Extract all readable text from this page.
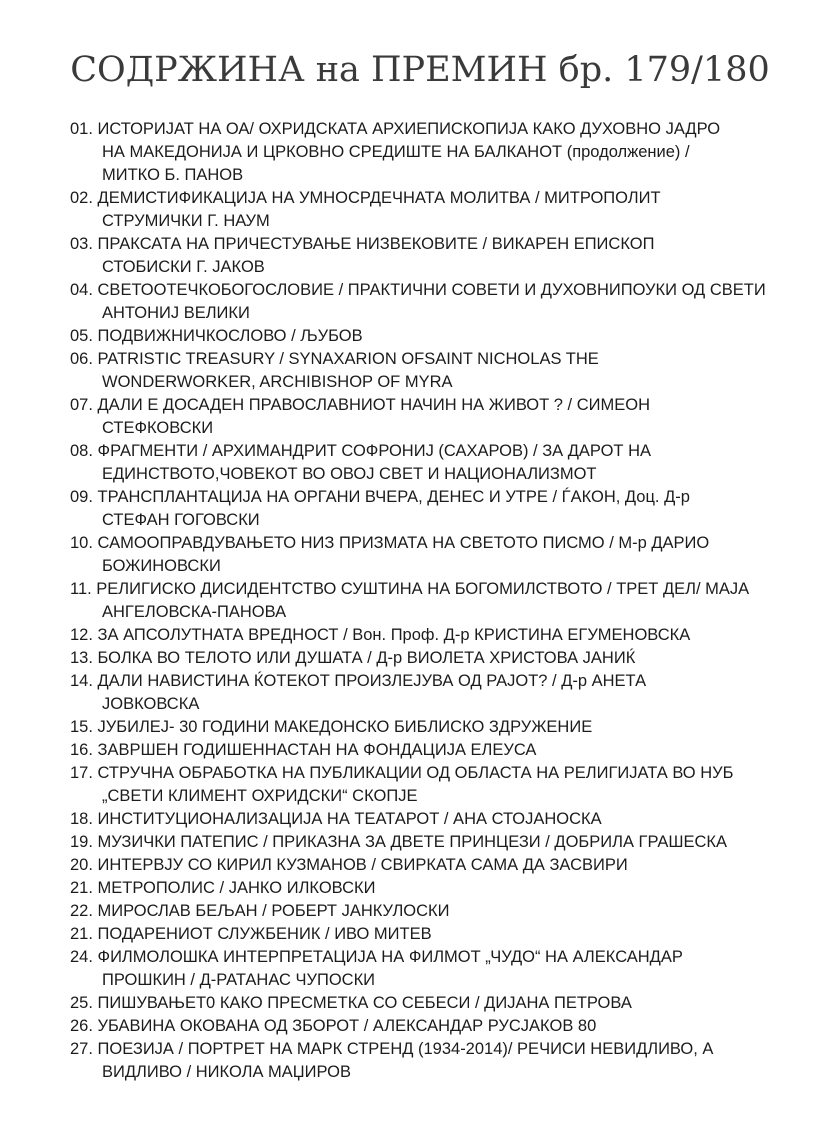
СОДРЖИНА на ПРЕМИН бр. 179/180
01. ИСТОРИЈАТ НА ОА/ ОХРИДСКАТА АРХИЕПИСКОПИЈА КАКО ДУХОВНО ЈАДРО
НА МАКЕДОНИЈА И ЦРКОВНО СРЕДИШТЕ НА БАЛКАНОТ (продолжение) /
МИТКО Б. ПАНОВ
02. ДЕМИСТИФИКАЦИЈА НА УМНОСРДЕЧНАТА МОЛИТВА / МИТРОПОЛИТ
СТРУМИЧКИ Г. НАУМ
03. ПРАКСАТА НА ПРИЧЕСТУВАЊЕ НИЗВЕКОВИТЕ / ВИКАРЕН ЕПИСКОП
СТОБИСКИ Г. ЈАКОВ
04. СВЕТООТЕЧКОБОГОСЛОВИЕ / ПРАКТИЧНИ СОВЕТИ И ДУХОВНИПОУКИ ОД СВЕТИ
АНТОНИЈ ВЕЛИКИ
05. ПОДВИЖНИЧКОСЛОВО / ЉУБОВ
06. PATRISTIC TREASURY / SYNAXARION OFSAINT NICHOLAS THE
WONDERWORKER, ARCHIBISHOP OF MYRA
07. ДАЛИ Е ДОСАДЕН ПРАВОСЛАВНИОТ НАЧИН НА ЖИВОТ ? / СИМЕОН
СТЕФКОВСКИ
08. ФРАГМЕНТИ / АРХИМАНДРИТ СОФРОНИЈ (САХАРОВ) / ЗА ДАРОТ НА
ЕДИНСТВОТО,ЧОВЕКОТ ВО ОВОЈ СВЕТ И НАЦИОНАЛИЗМОТ
09. ТРАНСПЛАНТАЦИЈА НА ОРГАНИ ВЧЕРА, ДЕНЕС И УТРЕ / ЃАКОН, Доц. Д-р
СТЕФАН ГОГОВСКИ
10. САМООПРАВДУВАЊЕТО НИЗ ПРИЗМАТА НА СВЕТОТО ПИСМО / М-р ДАРИО
БОЖИНОВСКИ
11. РЕЛИГИСКО ДИСИДЕНТСТВО СУШТИНА НА БОГОМИЛСТВОТО / ТРЕТ ДЕЛ/ МАЈА
АНГЕЛОВСКА-ПАНОВА
12. ЗА АПСОЛУТНАТА ВРЕДНОСТ / Вон. Проф. Д-р КРИСТИНА ЕГУМЕНОВСКА
13. БОЛКА ВО ТЕЛОТО ИЛИ ДУШАТА / Д-р ВИОЛЕТА ХРИСТОВА ЈАНИЌ
14. ДАЛИ НАВИСТИНА ЌОТЕКОТ ПРОИЗЛЕЈУВА ОД РАЈОТ? / Д-р АНЕТА
ЈОВКОВСКА
15. ЈУБИЛЕЈ- 30 ГОДИНИ МАКЕДОНСКО БИБЛИСКО ЗДРУЖЕНИЕ
16. ЗАВРШЕН ГОДИШЕННАСТАН НА ФОНДАЦИЈА ЕЛЕУСА
17. СТРУЧНА ОБРАБОТКА НА ПУБЛИКАЦИИ ОД ОБЛАСТА НА РЕЛИГИЈАТА ВО НУБ
„СВЕТИ КЛИМЕНТ ОХРИДСКИ“ СКОПЈЕ
18. ИНСТИТУЦИОНАЛИЗАЦИЈА НА ТЕАТАРОТ / АНА СТОЈАНОСКА
19. МУЗИЧКИ ПАТЕПИС / ПРИКАЗНА ЗА ДВЕТЕ ПРИНЦЕЗИ / ДОБРИЛА ГРАШЕСКА
20. ИНТЕРВЈУ СО КИРИЛ КУЗМАНОВ / СВИРКАТА САМА ДА ЗАСВИРИ
21. МЕТРОПОЛИС / ЈАНКО ИЛКОВСКИ
22. МИРОСЛАВ БЕЉАН / РОБЕРТ ЈАНКУЛОСКИ
21. ПОДАРЕНИОТ СЛУЖБЕНИК / ИВО МИТЕВ
24. ФИЛМОЛОШКА ИНТЕРПРЕТАЦИЈА НА ФИЛМОТ „ЧУДО“ НА АЛЕКСАНДАР
ПРОШКИН / Д-РАТАНАС ЧУПОСКИ
25. ПИШУВАЊЕТ0 КАКО ПРЕСМЕТКА СО СЕБЕСИ / ДИЈАНА ПЕТРОВА
26. УБАВИНА ОКОВАНА ОД ЗБОРОТ / АЛЕКСАНДАР РУСЈАКОВ 80
27. ПОЕЗИЈА / ПОРТРЕТ НА МАРК СТРЕНД (1934-2014)/ РЕЧИСИ НЕВИДЛИВО, А
ВИДЛИВО / НИКОЛА МАЏИРОВ
